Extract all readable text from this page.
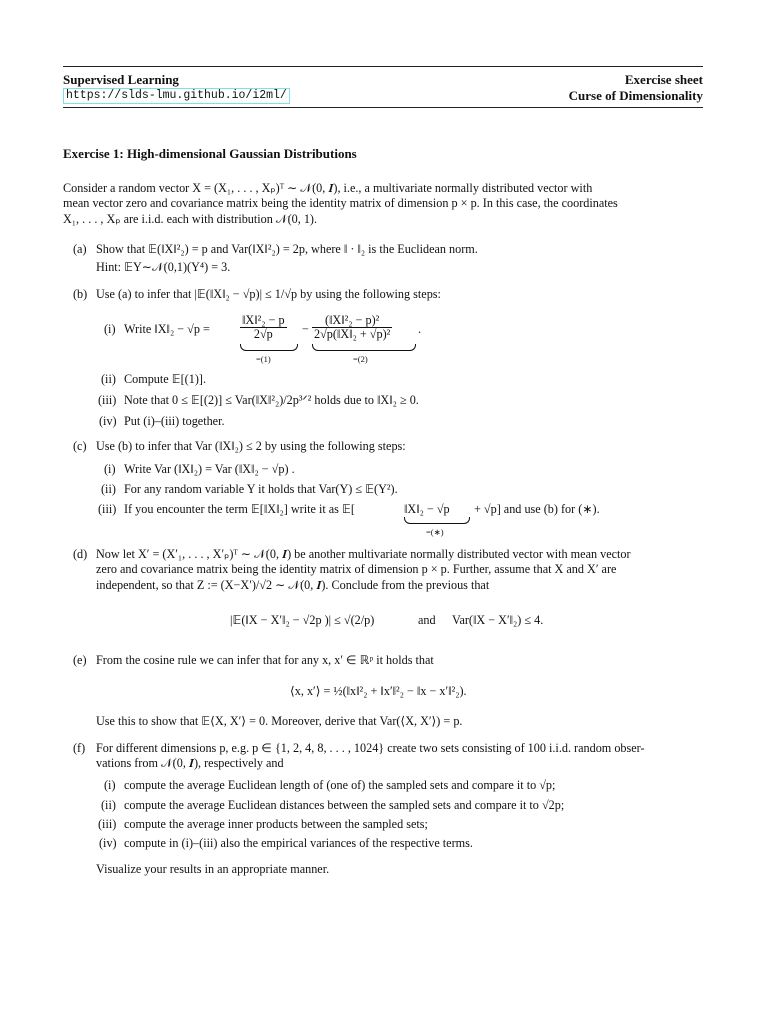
Supervised Learning
https://slds-lmu.github.io/i2ml/
Exercise sheet
Curse of Dimensionality
Exercise 1: High-dimensional Gaussian Distributions
Consider a random vector X = (X₁, . . . , Xₚ)ᵀ ∼ 𝒩(0, 𝑰), i.e., a multivariate normally distributed vector with
mean vector zero and covariance matrix being the identity matrix of dimension p × p. In this case, the coordinates
X₁, . . . , Xₚ are i.i.d. each with distribution 𝒩(0, 1).
(a) Show that 𝔼(‖X‖²₂) = p and Var(‖X‖²₂) = 2p, where ‖ · ‖₂ is the Euclidean norm.
Hint: 𝔼Y∼𝒩(0,1)(Y⁴) = 3.
(b) Use (a) to infer that |𝔼(‖X‖₂ − √p)| ≤ 1/√p by using the following steps:
(i) Write ‖X‖₂ − $√p = \frac{\text{‖X‖²₂ − p}}{2√p} - \frac{\text{(‖X‖²₂ − p)²}}{\text{2√p(‖X‖₂ + √p)²}}$ .
=(1)	=(2)
(ii) Compute 𝔼[(1)].
(iii) Note that 0 ≤ 𝔼[(2)] ≤ Var(‖X‖²₂)/2p³ᐟ² holds due to ‖X‖₂ ≥ 0.
(iv) Put (i)–(iii) together.
(c) Use (b) to infer that Var (‖X‖₂) ≤ 2 by using the following steps:
(i) Write Var (‖X‖₂) = Var (‖X‖₂ − √p) .
(ii) For any random variable Y it holds that Var(Y) ≤ 𝔼(Y²).
(iii) If you encounter the term 𝔼[‖X‖₂] write it as 𝔼[	‖X‖₂ − √p + √p] and use (b) for (∗).
=(∗)
(d) Now let X′ = (X′₁, . . . , X′ₚ)ᵀ ∼ 𝒩(0, 𝑰) be another multivariate normally distributed vector with mean vector
zero and covariance matrix being the identity matrix of dimension p × p. Further, assume that X and X′ are
independent, so that Z := (X−X′)/√2 ∼ 𝒩(0, 𝑰). Conclude from the previous that
|𝔼(‖X − X′‖₂ − √2p )| ≤ √(2/p)	and Var(‖X − X′‖₂) ≤ 4.
(e) From the cosine rule we can infer that for any x, x′ ∈ ℝᵖ it holds that
⟨x, x′⟩ = ½(‖x‖²₂ + ‖x′‖²₂ − ‖x − x′‖²₂).
Use this to show that 𝔼⟨X, X′⟩ = 0. Moreover, derive that Var(⟨X, X′⟩) = p.
(f) For different dimensions p, e.g. p ∈ {1, 2, 4, 8, . . . , 1024} create two sets consisting of 100 i.i.d. random obser-
vations from 𝒩(0, 𝑰), respectively and
(i) compute the average Euclidean length of (one of) the sampled sets and compare it to √p;
(ii) compute the average Euclidean distances between the sampled sets and compare it to √2p;
(iii) compute the average inner products between the sampled sets;
(iv) compute in (i)–(iii) also the empirical variances of the respective terms.
Visualize your results in an appropriate manner.
